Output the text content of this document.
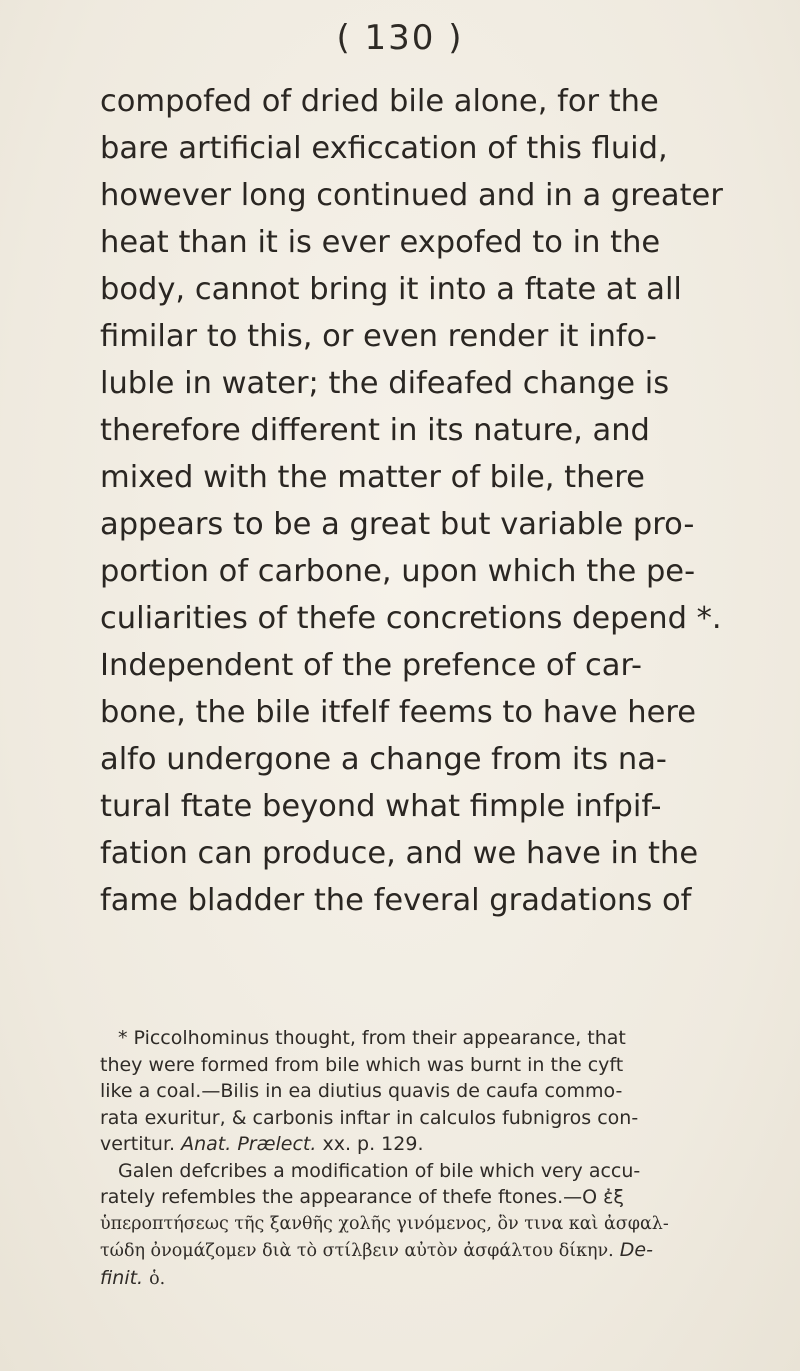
( 130 )

compofed of dried bile alone, for the
bare artificial exficcation of this fluid,
however long continued and in a greater
heat than it is ever expofed to in the
body, cannot bring it into a ftate at all
fimilar to this, or even render it info-
luble in water; the difeafed change is
therefore different in its nature, and
mixed with the matter of bile, there
appears to be a great but variable pro-
portion of carbone, upon which the pe-
culiarities of thefe concretions depend *.
Independent of the prefence of car-
bone, the bile itfelf feems to have here
alfo undergone a change from its na-
tural ftate beyond what fimple infpif-
fation can produce, and we have in the
fame bladder the feveral gradations of

* Piccolhominus thought, from their appearance, that
they were formed from bile which was burnt in the cyft
like a coal.—Bilis in ea diutius quavis de caufa commo-
rata exuritur, & carbonis inftar in calculos fubnigros con-
vertitur. Anat. Prælect. xx. p. 129.
Galen defcribes a modification of bile which very accu-
rately refembles the appearance of thefe ftones.—Ο ἐξ
ὑπεροπτήσεως τῆς ξανθῆς χολῆς γινόμενος, ὃν τινα καὶ ἀσφαλ-
τώδη ὀνομάζομεν διὰ τὸ στίλβειν αὐτὸν ἀσφάλτου δίκην. De-
finit. ὁ.
